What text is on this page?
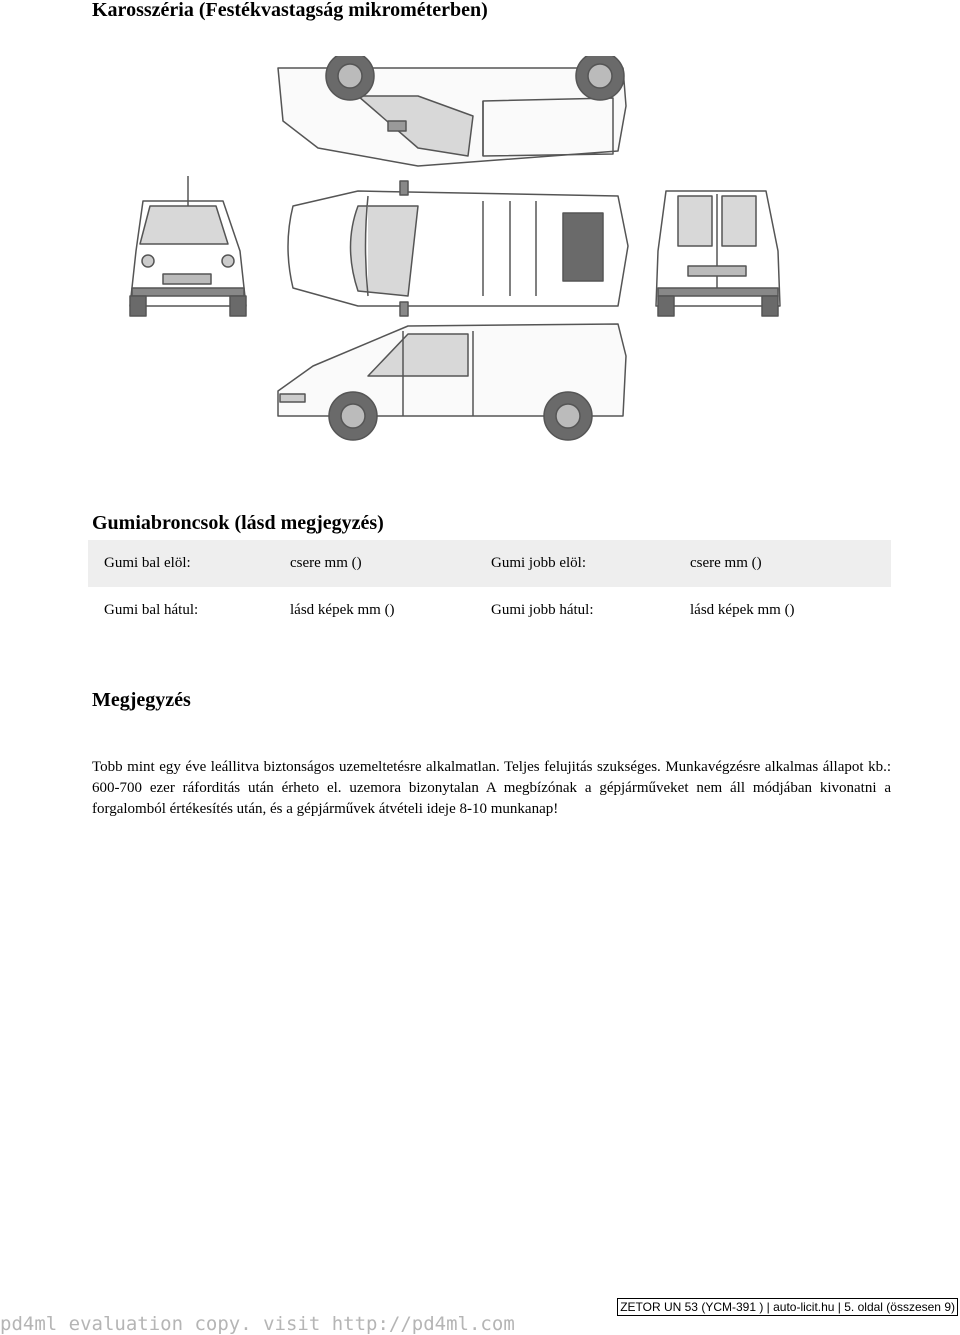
Karosszéria (Festékvastagság mikrométerben)
Gumiabroncsok (lásd megjegyzés)
Gumi bal elöl:	csere mm ()	Gumi jobb elöl:	csere mm ()
Gumi bal hátul:	lásd képek mm ()	Gumi jobb hátul:	lásd képek mm ()
Megjegyzés
Tobb mint egy éve leállitva biztonságos uzemeltetésre alkalmatlan. Teljes felujitás szukséges. Munkavégzésre alkalmas állapot kb.: 600-700 ezer ráforditás után érheto el. uzemora bizonytalan A megbízónak a gépjárműveket nem áll módjában kivonatni a forgalomból értékesítés után, és a gépjárművek átvételi ideje 8-10 munkanap!
pd4ml evaluation copy. visit http://pd4ml.com
ZETOR UN 53 (YCM-391 ) | auto-licit.hu | 5. oldal (összesen 9)
